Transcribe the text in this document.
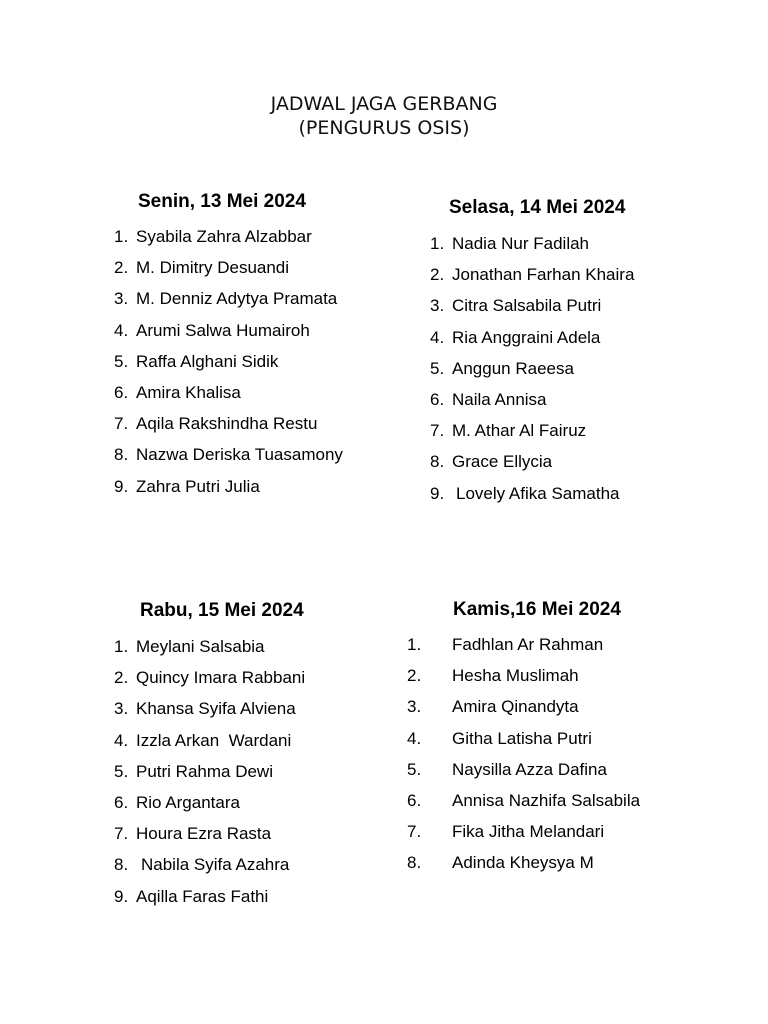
JADWAL JAGA GERBANG
(PENGURUS OSIS)
Senin, 13 Mei 2024
1. Syabila Zahra Alzabbar
2. M. Dimitry Desuandi
3. M. Denniz Adytya Pramata
4. Arumi Salwa Humairoh
5. Raffa Alghani Sidik
6. Amira Khalisa
7. Aqila Rakshindha Restu
8. Nazwa Deriska Tuasamony
9. Zahra Putri Julia
Selasa, 14 Mei 2024
1. Nadia Nur Fadilah
2. Jonathan Farhan Khaira
3. Citra Salsabila Putri
4. Ria Anggraini Adela
5. Anggun Raeesa
6. Naila Annisa
7. M. Athar Al Fairuz
8. Grace Ellycia
9. Lovely Afika Samatha
Rabu, 15 Mei 2024
1. Meylani Salsabia
2. Quincy Imara Rabbani
3. Khansa Syifa Alviena
4. Izzla Arkan  Wardani
5. Putri Rahma Dewi
6. Rio Argantara
7. Houra Ezra Rasta
8. Nabila Syifa Azahra
9. Aqilla Faras Fathi
Kamis,16 Mei 2024
1. Fadhlan Ar Rahman
2. Hesha Muslimah
3. Amira Qinandyta
4. Githa Latisha Putri
5. Naysilla Azza Dafina
6. Annisa Nazhifa Salsabila
7. Fika Jitha Melandari
8. Adinda Kheysya M
